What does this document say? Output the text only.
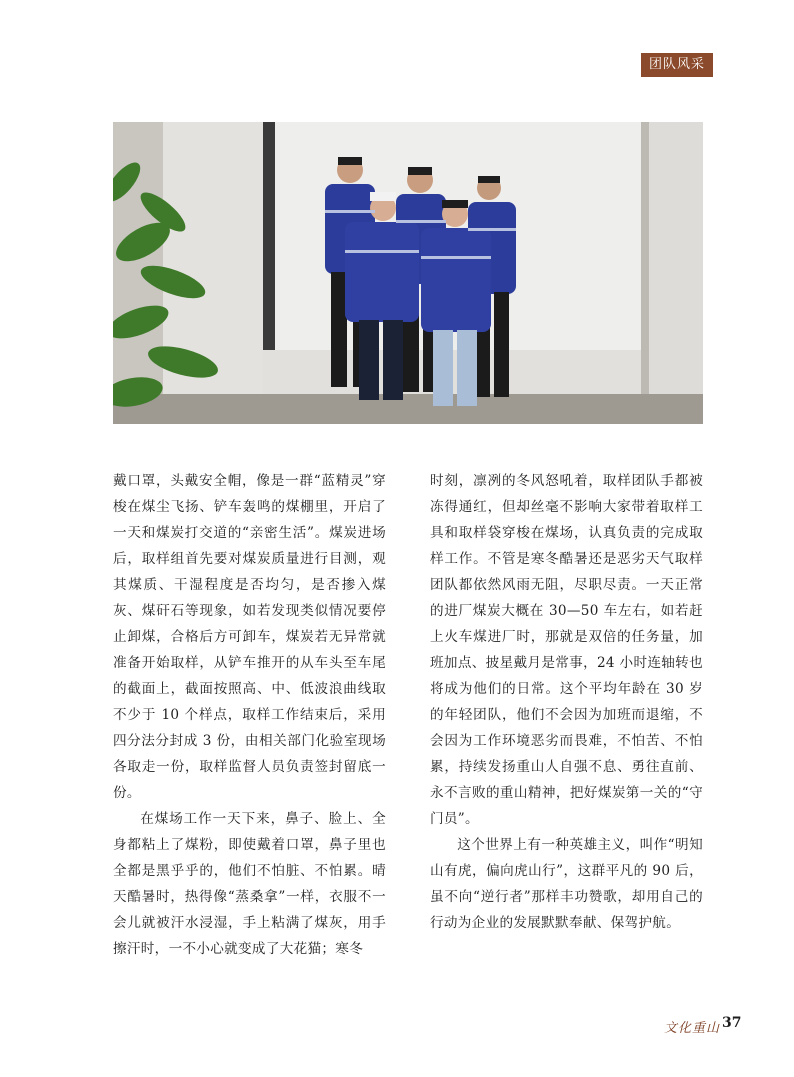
团队风采

戴口罩，头戴安全帽，像是一群“蓝精灵”穿梭在煤尘飞扬、铲车轰鸣的煤棚里，开启了一天和煤炭打交道的“亲密生活”。煤炭进场后，取样组首先要对煤炭质量进行目测，观其煤质、干湿程度是否均匀，是否掺入煤灰、煤矸石等现象，如若发现类似情况要停止卸煤，合格后方可卸车，煤炭若无异常就准备开始取样，从铲车推开的从车头至车尾的截面上，截面按照高、中、低波浪曲线取不少于 10 个样点，取样工作结束后，采用四分法分封成 3 份，由相关部门化验室现场各取走一份，取样监督人员负责签封留底一份。

在煤场工作一天下来，鼻子、脸上、全身都粘上了煤粉，即使戴着口罩，鼻子里也全都是黑乎乎的，他们不怕脏、不怕累。晴天酷暑时，热得像“蒸桑拿”一样，衣服不一会儿就被汗水浸湿，手上粘满了煤灰，用手擦汗时，一不小心就变成了大花猫；寒冬

时刻，凛冽的冬风怒吼着，取样团队手都被冻得通红，但却丝毫不影响大家带着取样工具和取样袋穿梭在煤场，认真负责的完成取样工作。不管是寒冬酷暑还是恶劣天气取样团队都依然风雨无阻，尽职尽责。一天正常的进厂煤炭大概在 30—50 车左右，如若赶上火车煤进厂时，那就是双倍的任务量，加班加点、披星戴月是常事，24 小时连轴转也将成为他们的日常。这个平均年龄在 30 岁的年轻团队，他们不会因为加班而退缩，不会因为工作环境恶劣而畏难，不怕苦、不怕累，持续发扬重山人自强不息、勇往直前、永不言败的重山精神，把好煤炭第一关的“守门员”。

这个世界上有一种英雄主义，叫作“明知山有虎，偏向虎山行”，这群平凡的 90 后，虽不向“逆行者”那样丰功赞歌，却用自己的行动为企业的发展默默奉献、保驾护航。

文化重山 37
